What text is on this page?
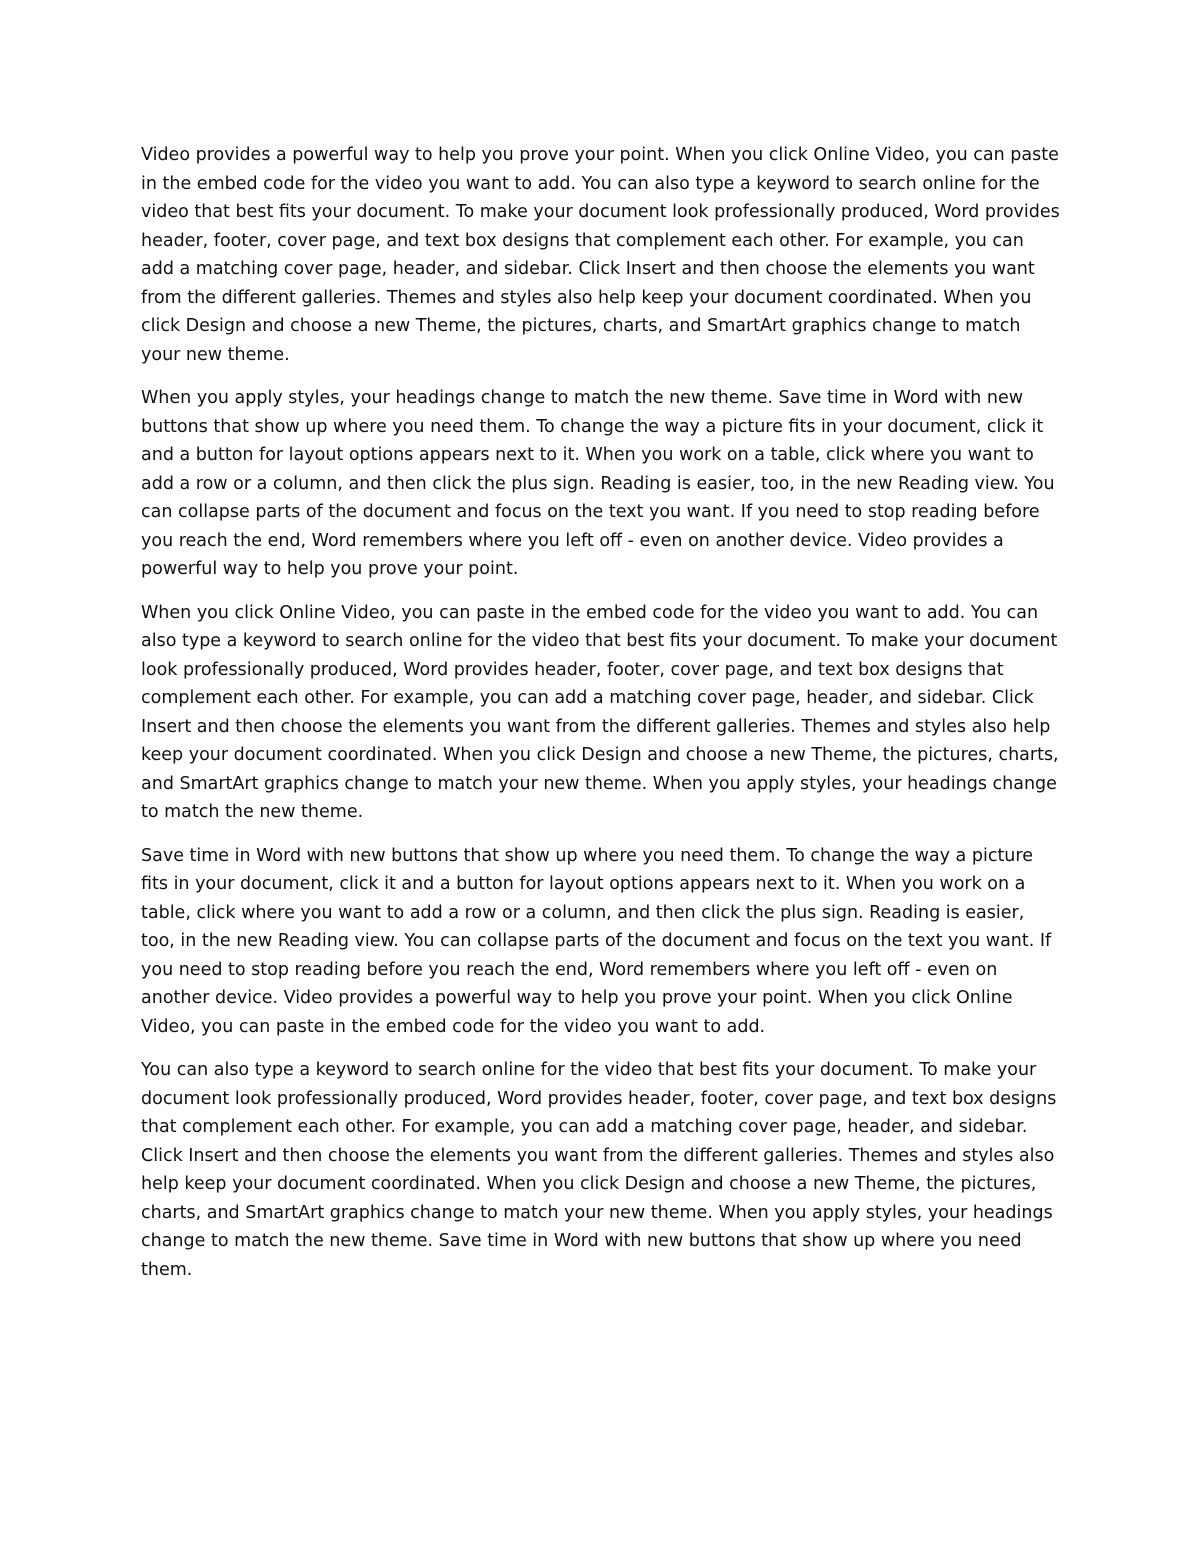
Video provides a powerful way to help you prove your point. When you click Online Video, you can paste in the embed code for the video you want to add. You can also type a keyword to search online for the video that best fits your document. To make your document look professionally produced, Word provides header, footer, cover page, and text box designs that complement each other. For example, you can add a matching cover page, header, and sidebar. Click Insert and then choose the elements you want from the different galleries. Themes and styles also help keep your document coordinated. When you click Design and choose a new Theme, the pictures, charts, and SmartArt graphics change to match your new theme.

When you apply styles, your headings change to match the new theme. Save time in Word with new buttons that show up where you need them. To change the way a picture fits in your document, click it and a button for layout options appears next to it. When you work on a table, click where you want to add a row or a column, and then click the plus sign. Reading is easier, too, in the new Reading view. You can collapse parts of the document and focus on the text you want. If you need to stop reading before you reach the end, Word remembers where you left off - even on another device. Video provides a powerful way to help you prove your point.

When you click Online Video, you can paste in the embed code for the video you want to add. You can also type a keyword to search online for the video that best fits your document. To make your document look professionally produced, Word provides header, footer, cover page, and text box designs that complement each other. For example, you can add a matching cover page, header, and sidebar. Click Insert and then choose the elements you want from the different galleries. Themes and styles also help keep your document coordinated. When you click Design and choose a new Theme, the pictures, charts, and SmartArt graphics change to match your new theme. When you apply styles, your headings change to match the new theme.

Save time in Word with new buttons that show up where you need them. To change the way a picture fits in your document, click it and a button for layout options appears next to it. When you work on a table, click where you want to add a row or a column, and then click the plus sign. Reading is easier, too, in the new Reading view. You can collapse parts of the document and focus on the text you want. If you need to stop reading before you reach the end, Word remembers where you left off - even on another device. Video provides a powerful way to help you prove your point. When you click Online Video, you can paste in the embed code for the video you want to add.

You can also type a keyword to search online for the video that best fits your document. To make your document look professionally produced, Word provides header, footer, cover page, and text box designs that complement each other. For example, you can add a matching cover page, header, and sidebar. Click Insert and then choose the elements you want from the different galleries. Themes and styles also help keep your document coordinated. When you click Design and choose a new Theme, the pictures, charts, and SmartArt graphics change to match your new theme. When you apply styles, your headings change to match the new theme. Save time in Word with new buttons that show up where you need them.
